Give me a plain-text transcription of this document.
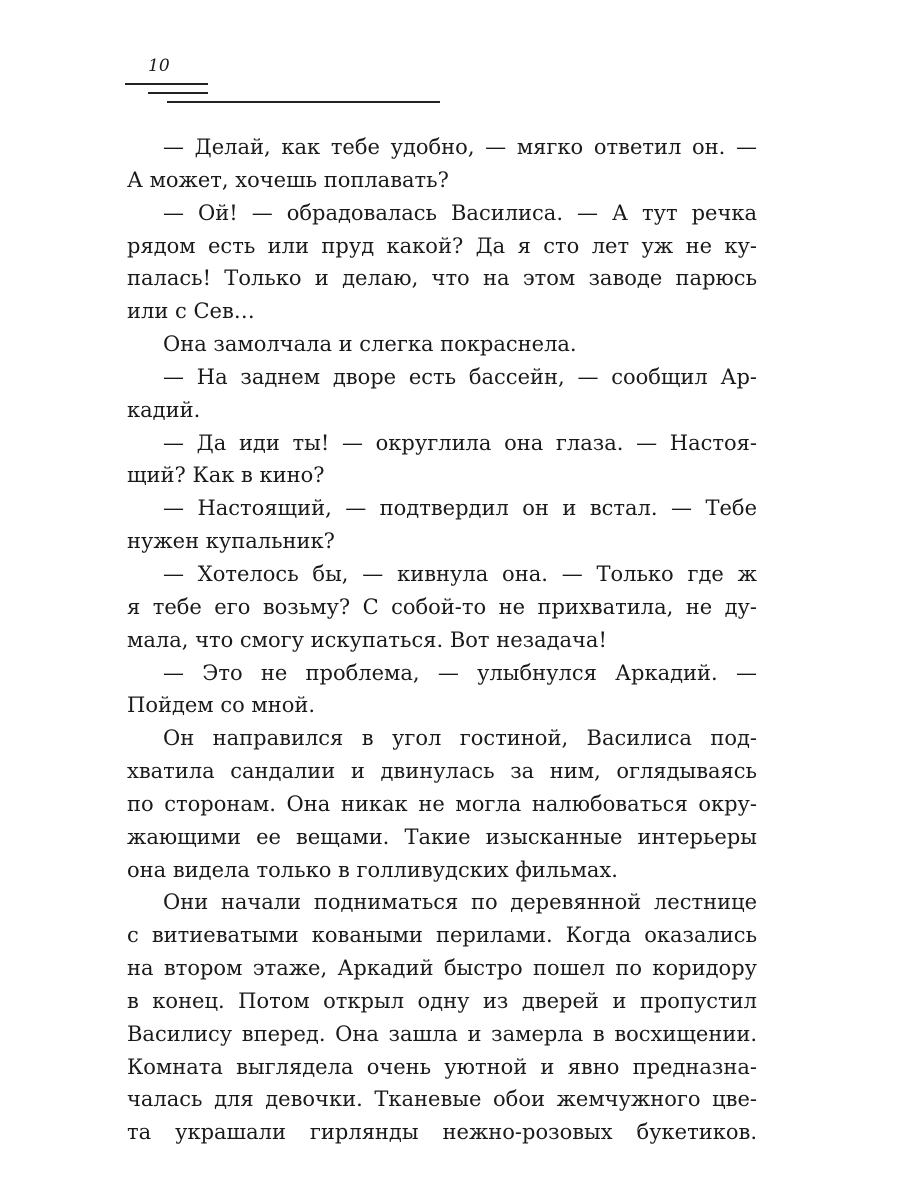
10
— Делай, как тебе удобно, — мягко ответил он. —
А может, хочешь поплавать?
— Ой! — обрадовалась Василиса. — А тут речка
рядом есть или пруд какой? Да я сто лет уж не ку-
палась! Только и делаю, что на этом заводе парюсь
или с Сев…
Она замолчала и слегка покраснела.
— На заднем дворе есть бассейн, — сообщил Ар-
кадий.
— Да иди ты! — округлила она глаза. — Настоя-
щий? Как в кино?
— Настоящий, — подтвердил он и встал. — Тебе
нужен купальник?
— Хотелось бы, — кивнула она. — Только где ж
я тебе его возьму? С собой-то не прихватила, не ду-
мала, что смогу искупаться. Вот незадача!
— Это не проблема, — улыбнулся Аркадий. —
Пойдем со мной.
Он направился в угол гостиной, Василиса под-
хватила сандалии и двинулась за ним, оглядываясь
по сторонам. Она никак не могла налюбоваться окру-
жающими ее вещами. Такие изысканные интерьеры
она видела только в голливудских фильмах.
Они начали подниматься по деревянной лестнице
с витиеватыми коваными перилами. Когда оказались
на втором этаже, Аркадий быстро пошел по коридору
в конец. Потом открыл одну из дверей и пропустил
Василису вперед. Она зашла и замерла в восхищении.
Комната выглядела очень уютной и явно предназна-
чалась для девочки. Тканевые обои жемчужного цве-
та украшали гирлянды нежно-розовых букетиков.
